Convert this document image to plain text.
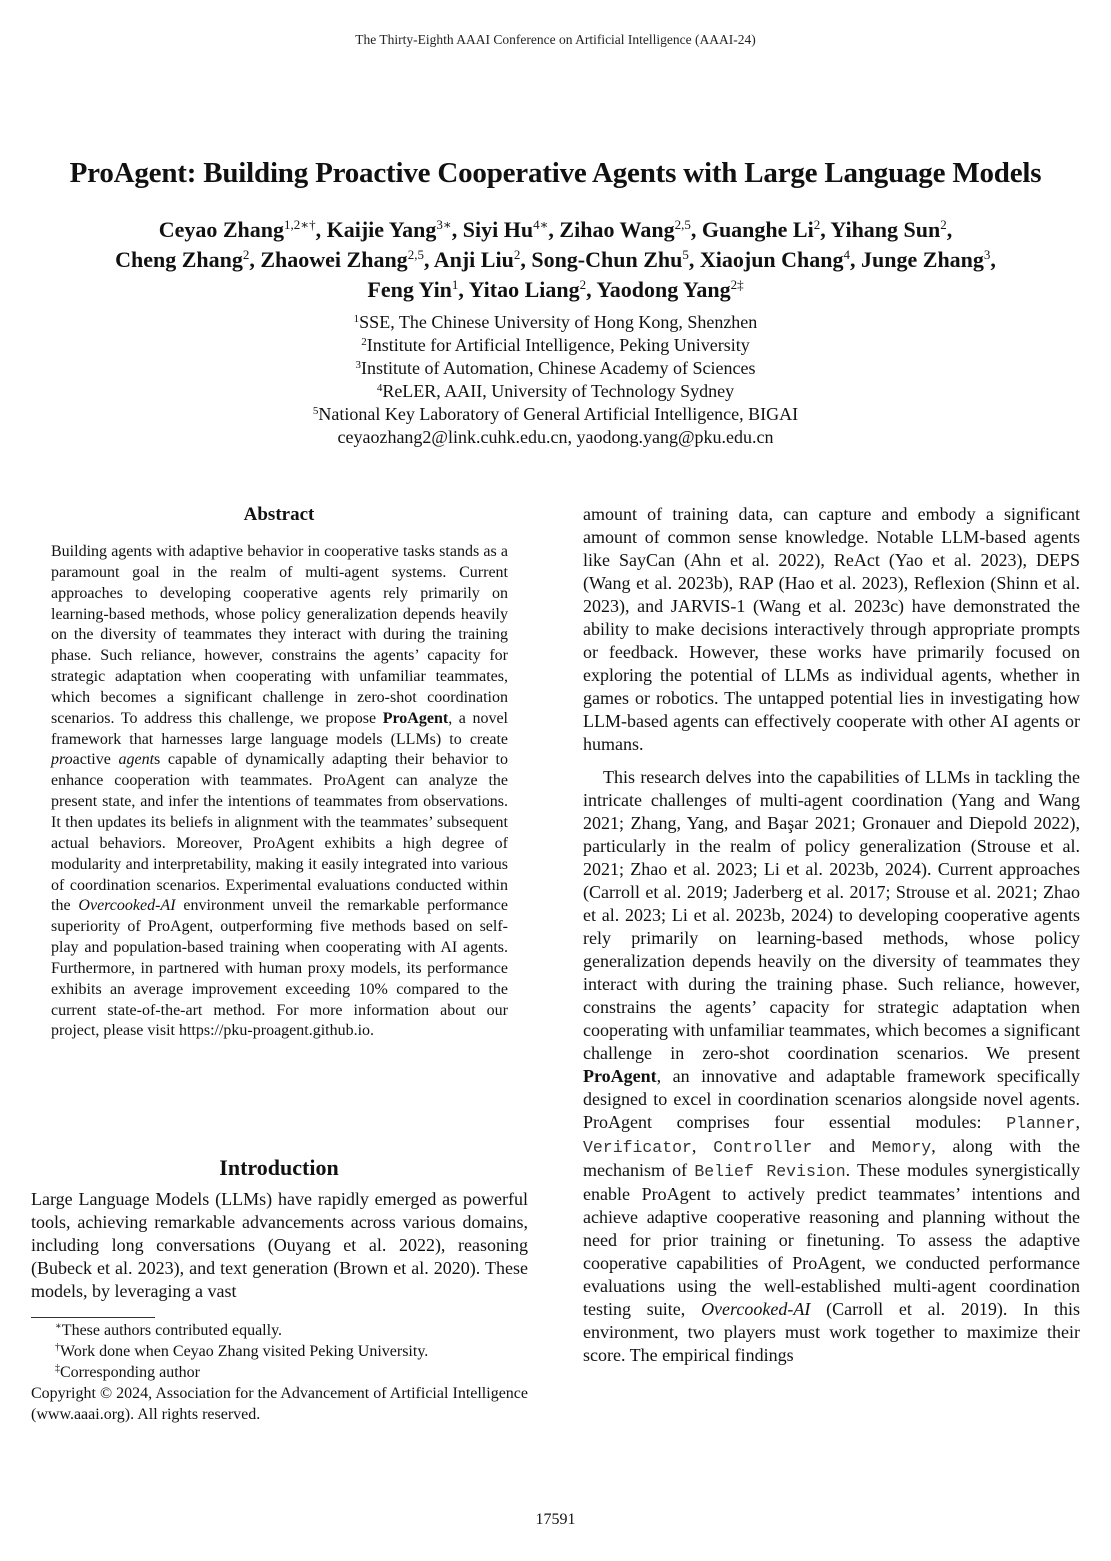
The Thirty-Eighth AAAI Conference on Artificial Intelligence (AAAI-24)
ProAgent: Building Proactive Cooperative Agents with Large Language Models
Ceyao Zhang$^{1,2∗\dagger}$, Kaijie Yang$^{3∗}$, Siyi $Hu^{4∗}$, Zihao Wang$^{2,5}$, Guanghe Li$^2$, Yihang Sun$^2$,
Cheng Zhang$^2$, Zhaowei Zhang$^{2,5}$, Anji Liu$^2$, Song-Chun Zhu$^5$, Xiaojun Chang$^4$, Junge Zhang$^3$,
Feng Yin$^1$, Yitao Liang$^2$, Yaodong Yang$^{2\ddagger}$
$^1$SSE, The Chinese University of Hong Kong, Shenzhen
$^2$Institute for Artificial Intelligence, Peking University
$^3$Institute of Automation, Chinese Academy of Sciences
$^4$ReLER, AAII, University of Technology Sydney
$^5$National Key Laboratory of General Artificial Intelligence, BIGAI
ceyaozhang2@link.cuhk.edu.cn, yaodong.yang@pku.edu.cn
Abstract
Building agents with adaptive behavior in cooperative tasks stands as a paramount goal in the realm of multi-agent systems. Current approaches to developing cooperative agents rely primarily on learning-based methods, whose policy generalization depends heavily on the diversity of teammates they interact with during the training phase. Such reliance, however, constrains the agents’ capacity for strategic adaptation when cooperating with unfamiliar teammates, which becomes a significant challenge in zero-shot coordination scenarios. To address this challenge, we propose ProAgent, a novel framework that harnesses large language models (LLMs) to create proactive agents capable of dynamically adapting their behavior to enhance cooperation with teammates. ProAgent can analyze the present state, and infer the intentions of teammates from observations. It then updates its beliefs in alignment with the teammates’ subsequent actual behaviors. Moreover, ProAgent exhibits a high degree of modularity and interpretability, making it easily integrated into various of coordination scenarios. Experimental evaluations conducted within the Overcooked-AI environment unveil the remarkable performance superiority of ProAgent, outperforming five methods based on self-play and population-based training when cooperating with AI agents. Furthermore, in partnered with human proxy models, its performance exhibits an average improvement exceeding 10% compared to the current state-of-the-art method. For more information about our project, please visit https://pku-proagent.github.io.
Introduction
Large Language Models (LLMs) have rapidly emerged as powerful tools, achieving remarkable advancements across various domains, including long conversations (Ouyang et al. 2022), reasoning (Bubeck et al. 2023), and text generation (Brown et al. 2020). These models, by leveraging a vast
∗These authors contributed equally.
†Work done when Ceyao Zhang visited Peking University.
‡Corresponding author
Copyright © 2024, Association for the Advancement of Artificial Intelligence (www.aaai.org). All rights reserved.

amount of training data, can capture and embody a significant amount of common sense knowledge. Notable LLM-based agents like SayCan (Ahn et al. 2022), ReAct (Yao et al. 2023), DEPS (Wang et al. 2023b), RAP (Hao et al. 2023), Reflexion (Shinn et al. 2023), and JARVIS-1 (Wang et al. 2023c) have demonstrated the ability to make decisions interactively through appropriate prompts or feedback. However, these works have primarily focused on exploring the potential of LLMs as individual agents, whether in games or robotics. The untapped potential lies in investigating how LLM-based agents can effectively cooperate with other AI agents or humans.

This research delves into the capabilities of LLMs in tackling the intricate challenges of multi-agent coordination (Yang and Wang 2021; Zhang, Yang, and Başar 2021; Gronauer and Diepold 2022), particularly in the realm of policy generalization (Strouse et al. 2021; Zhao et al. 2023; Li et al. 2023b, 2024). Current approaches (Carroll et al. 2019; Jaderberg et al. 2017; Strouse et al. 2021; Zhao et al. 2023; Li et al. 2023b, 2024) to developing cooperative agents rely primarily on learning-based methods, whose policy generalization depends heavily on the diversity of teammates they interact with during the training phase. Such reliance, however, constrains the agents’ capacity for strategic adaptation when cooperating with unfamiliar teammates, which becomes a significant challenge in zero-shot coordination scenarios. We present ProAgent, an innovative and adaptable framework specifically designed to excel in coordination scenarios alongside novel agents. ProAgent comprises four essential modules: Planner, Verificator, Controller and Memory, along with the mechanism of Belief Revision. These modules synergistically enable ProAgent to actively predict teammates’ intentions and achieve adaptive cooperative reasoning and planning without the need for prior training or finetuning. To assess the adaptive cooperative capabilities of ProAgent, we conducted performance evaluations using the well-established multi-agent coordination testing suite, Overcooked-AI (Carroll et al. 2019). In this environment, two players must work together to maximize their score. The empirical findings

17591
